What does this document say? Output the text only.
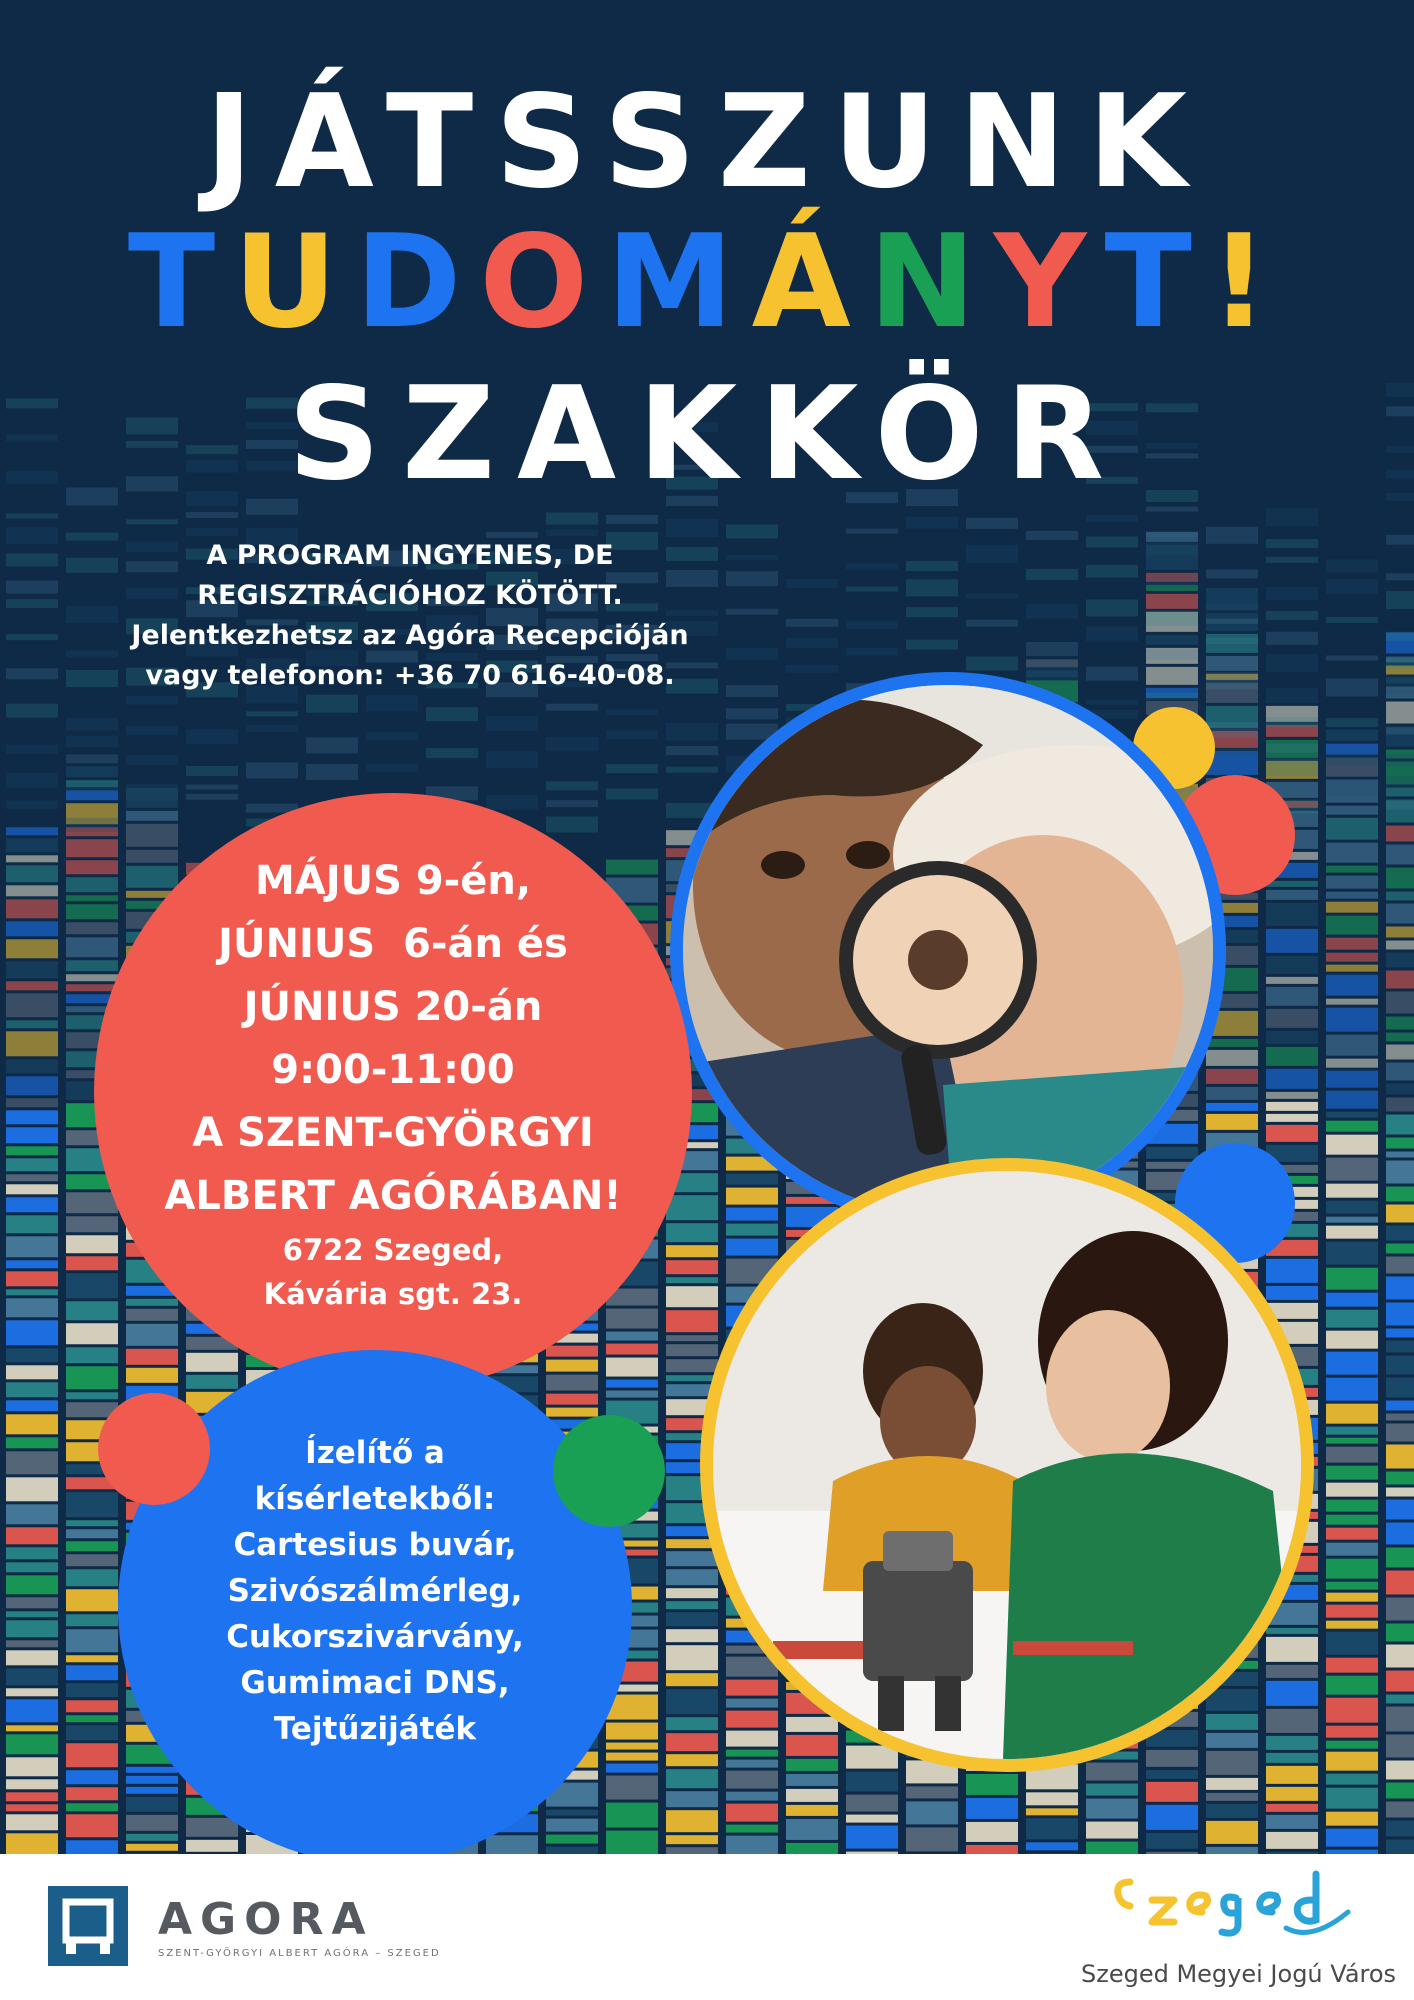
JÁTSSZUNK
TUDOMÁNYT!
SZAKKÖR
A PROGRAM INGYENES, DE
REGISZTRÁCIÓHOZ KÖTÖTT.
Jelentkezhetsz az Agóra Recepcióján
vagy telefonon: +36 70 616-40-08.
MÁJUS 9-én,
JÚNIUS  6-án és
JÚNIUS 20-án
9:00-11:00
A SZENT-GYÖRGYI
ALBERT AGÓRÁBAN!
6722 Szeged,
Kávária sgt. 23.
Ízelítő a
kísérletekből:
Cartesius buvár,
Szivószálmérleg,
Cukorszivárvány,
Gumimaci DNS,
Tejtűzijáték
AGORA
SZENT-GYÖRGYI ALBERT AGÓRA – SZEGED
Szeged Megyei Jogú Város
